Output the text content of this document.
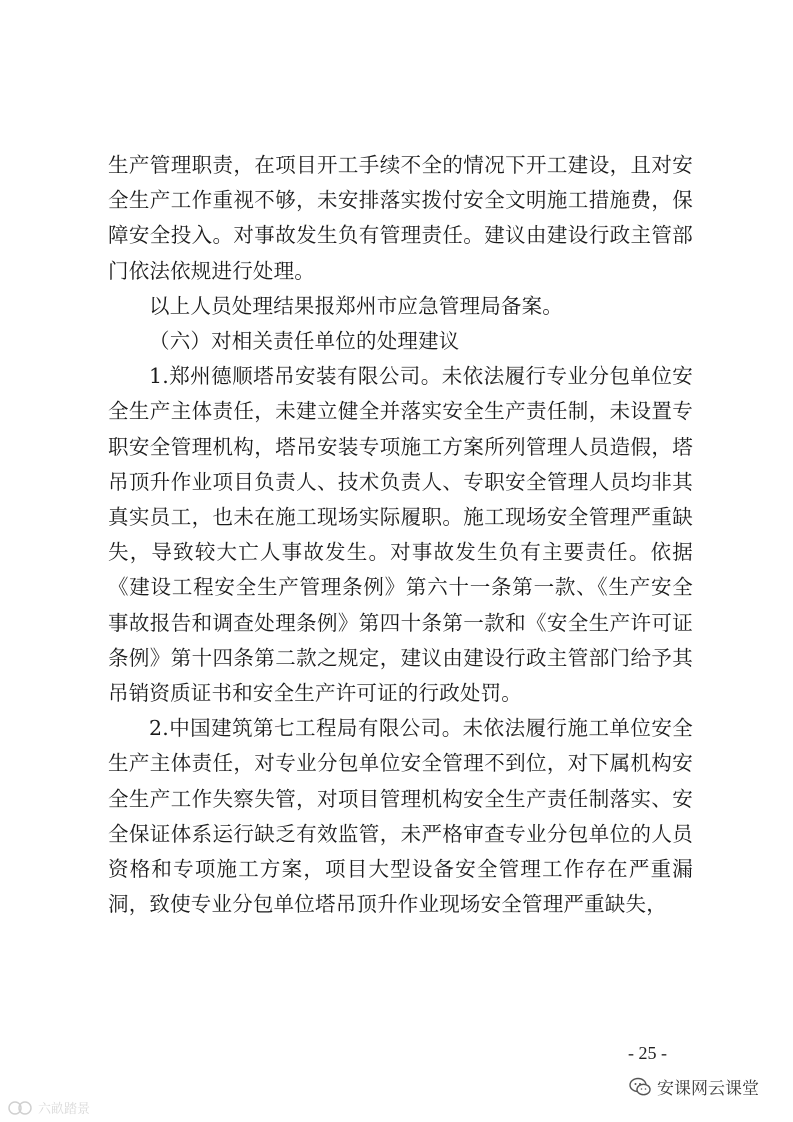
生产管理职责，在项目开工手续不全的情况下开工建设，且对安全生产工作重视不够，未安排落实拨付安全文明施工措施费，保障安全投入。对事故发生负有管理责任。建议由建设行政主管部门依法依规进行处理。

以上人员处理结果报郑州市应急管理局备案。

（六）对相关责任单位的处理建议

1.郑州德顺塔吊安装有限公司。未依法履行专业分包单位安全生产主体责任，未建立健全并落实安全生产责任制，未设置专职安全管理机构，塔吊安装专项施工方案所列管理人员造假，塔吊顶升作业项目负责人、技术负责人、专职安全管理人员均非其真实员工，也未在施工现场实际履职。施工现场安全管理严重缺失，导致较大亡人事故发生。对事故发生负有主要责任。依据《建设工程安全生产管理条例》第六十一条第一款、《生产安全事故报告和调查处理条例》第四十条第一款和《安全生产许可证条例》第十四条第二款之规定，建议由建设行政主管部门给予其吊销资质证书和安全生产许可证的行政处罚。

2.中国建筑第七工程局有限公司。未依法履行施工单位安全生产主体责任，对专业分包单位安全管理不到位，对下属机构安全生产工作失察失管，对项目管理机构安全生产责任制落实、安全保证体系运行缺乏有效监管，未严格审查专业分包单位的人员资格和专项施工方案，项目大型设备安全管理工作存在严重漏洞，致使专业分包单位塔吊顶升作业现场安全管理严重缺失，

- 25 -
安课网云课堂
六畝踏景
